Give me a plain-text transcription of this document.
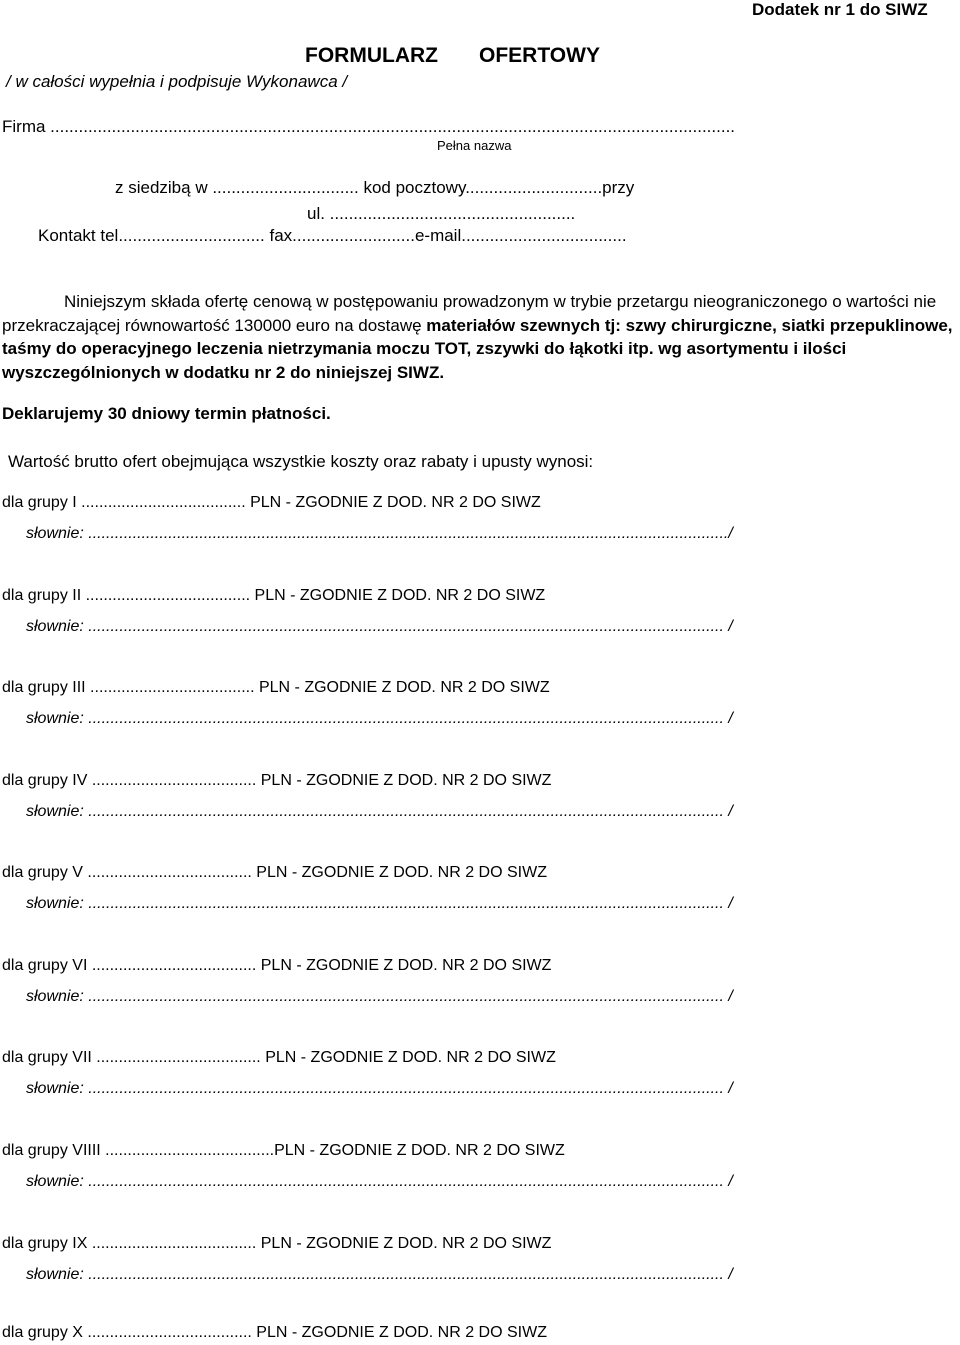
Dodatek nr 1 do SIWZ
FORMULARZ OFERTOWY
/ w całości wypełnia i podpisuje Wykonawca /
Firma .................................................................................................................................................
Pełna nazwa
z siedzibą w ............................... kod pocztowy.............................przy
ul. ....................................................
Kontakt tel............................... fax..........................e-mail...................................
Niniejszym składa ofertę cenową w postępowaniu prowadzonym w trybie przetargu nieograniczonego o wartości nie przekraczającej równowartość 130000 euro na dostawę materiałów szewnych tj: szwy chirurgiczne, siatki przepuklinowe, taśmy do operacyjnego leczenia nietrzymania moczu TOT, zszywki do łąkotki itp. wg asortymentu i ilości wyszczególnionych w dodatku nr 2 do niniejszej SIWZ.
Deklarujemy 30 dniowy termin płatności.
Wartość brutto ofert obejmująca wszystkie koszty oraz rabaty i upusty wynosi:
dla grupy I ..................................... PLN - ZGODNIE Z DOD. NR 2 DO SIWZ
słownie: ................................................................................................................................................/
dla grupy II ..................................... PLN - ZGODNIE Z DOD. NR 2 DO SIWZ
słownie: ............................................................................................................................................... /
dla grupy III ..................................... PLN - ZGODNIE Z DOD. NR 2 DO SIWZ
słownie: ............................................................................................................................................... /
dla grupy IV ..................................... PLN - ZGODNIE Z DOD. NR 2 DO SIWZ
słownie: ............................................................................................................................................... /
dla grupy V ..................................... PLN - ZGODNIE Z DOD. NR 2 DO SIWZ
słownie: ............................................................................................................................................... /
dla grupy VI ..................................... PLN - ZGODNIE Z DOD. NR 2 DO SIWZ
słownie: ............................................................................................................................................... /
dla grupy VII ..................................... PLN - ZGODNIE Z DOD. NR 2 DO SIWZ
słownie: ............................................................................................................................................... /
dla grupy VIIII ......................................PLN - ZGODNIE Z DOD. NR 2 DO SIWZ
słownie: ............................................................................................................................................... /
dla grupy IX ..................................... PLN - ZGODNIE Z DOD. NR 2 DO SIWZ
słownie: ............................................................................................................................................... /
dla grupy X ..................................... PLN - ZGODNIE Z DOD. NR 2 DO SIWZ
